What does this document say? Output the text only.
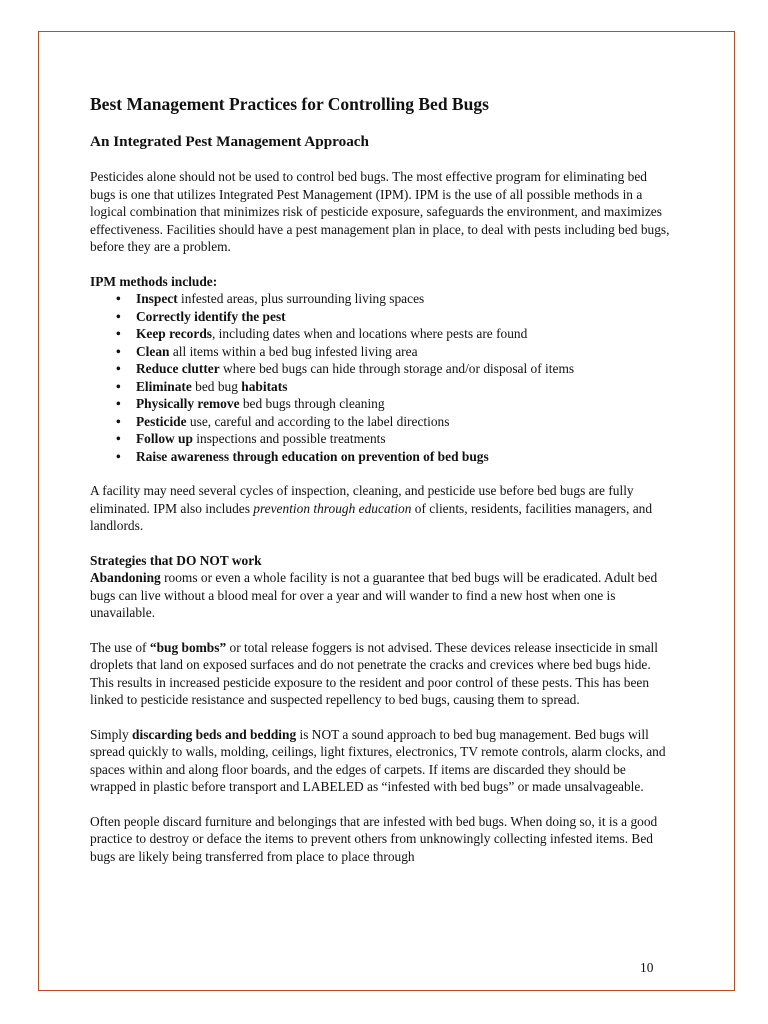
Best Management Practices for Controlling Bed Bugs
An Integrated Pest Management Approach

Pesticides alone should not be used to control bed bugs. The most effective program for eliminating bed bugs is one that utilizes Integrated Pest Management (IPM). IPM is the use of all possible methods in a logical combination that minimizes risk of pesticide exposure, safeguards the environment, and maximizes effectiveness. Facilities should have a pest management plan in place, to deal with pests including bed bugs, before they are a problem.

IPM methods include:

• Inspect infested areas, plus surrounding living spaces
• Correctly identify the pest
• Keep records, including dates when and locations where pests are found
• Clean all items within a bed bug infested living area
• Reduce clutter where bed bugs can hide through storage and/or disposal of items
• Eliminate bed bug habitats
• Physically remove bed bugs through cleaning
• Pesticide use, careful and according to the label directions
• Follow up inspections and possible treatments
• Raise awareness through education on prevention of bed bugs

A facility may need several cycles of inspection, cleaning, and pesticide use before bed bugs are fully eliminated. IPM also includes prevention through education of clients, residents, facilities managers, and landlords.

Strategies that DO NOT work

Abandoning rooms or even a whole facility is not a guarantee that bed bugs will be eradicated. Adult bed bugs can live without a blood meal for over a year and will wander to find a new host when one is unavailable.

The use of “bug bombs” or total release foggers is not advised. These devices release insecticide in small droplets that land on exposed surfaces and do not penetrate the cracks and crevices where bed bugs hide. This results in increased pesticide exposure to the resident and poor control of these pests. This has been linked to pesticide resistance and suspected repellency to bed bugs, causing them to spread.

Simply discarding beds and bedding is NOT a sound approach to bed bug management. Bed bugs will spread quickly to walls, molding, ceilings, light fixtures, electronics, TV remote controls, alarm clocks, and spaces within and along floor boards, and the edges of carpets. If items are discarded they should be wrapped in plastic before transport and LABELED as “infested with bed bugs” or made unsalvageable.

Often people discard furniture and belongings that are infested with bed bugs. When doing so, it is a good practice to destroy or deface the items to prevent others from unknowingly collecting infested items. Bed bugs are likely being transferred from place to place through

10
